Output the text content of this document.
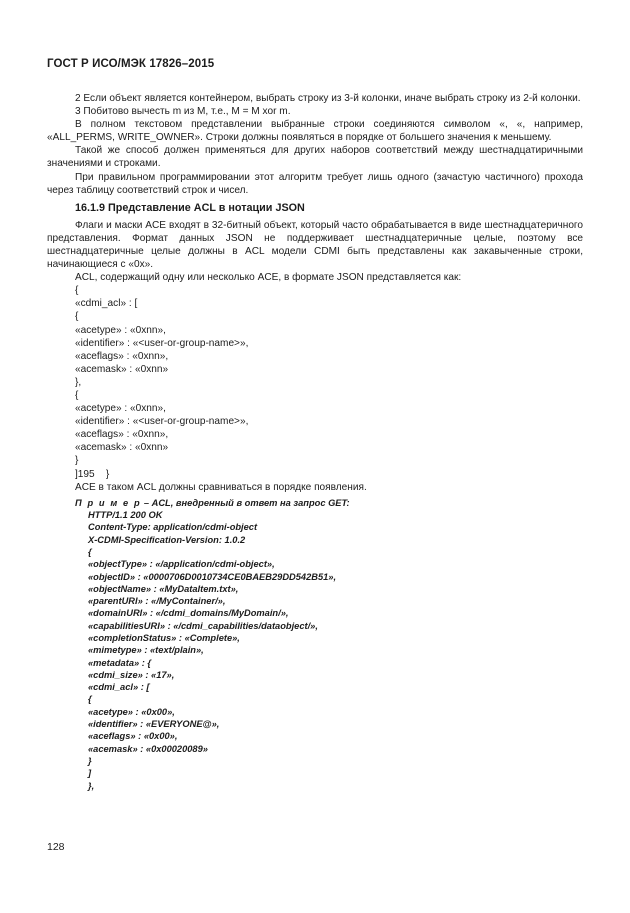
ГОСТ Р ИСО/МЭК 17826–2015

2 Если объект является контейнером, выбрать строку из 3-й колонки, иначе выбрать строку из 2-й колонки.

3 Побитово вычесть m из M, т.е., M = M xor m.

В полном текстовом представлении выбранные строки соединяются символом «, «, например, «ALL_PERMS, WRITE_OWNER». Строки должны появляться в порядке от большего значения к меньшему.

Такой же способ должен применяться для других наборов соответствий между шестнадцатиричными значениями и строками.

При правильном программировании этот алгоритм требует лишь одного (зачастую частичного) прохода через таблицу соответствий строк и чисел.

16.1.9 Представление ACL в нотации JSON

Флаги и маски ACE входят в 32-битный объект, который часто обрабатывается в виде шестнадцатеричного представления. Формат данных JSON не поддерживает шестнадцатеричные целые, поэтому все шестнадцатеричные целые должны в ACL модели CDMI быть представлены как закавыченные строки, начинающиеся с «0x».

ACL, содержащий одну или несколько ACE, в формате JSON представляется как:

{
«cdmi_acl» : [
{
«acetype» : «0xnn»,
«identifier» : «<user-or-group-name>»,
«aceflags» : «0xnn»,
«acemask» : «0xnn»
},
{
«acetype» : «0xnn»,
«identifier» : «<user-or-group-name>»,
«aceflags» : «0xnn»,
«acemask» : «0xnn»
}
]195    }

ACE в таком ACL должны сравниваться в порядке появления.

П р и м е р – ACL, внедренный в ответ на запрос GET:
HTTP/1.1 200 OK
Content-Type: application/cdmi-object
X-CDMI-Specification-Version: 1.0.2
{
«objectType» : «/application/cdmi-object»,
«objectID» : «0000706D0010734CE0BAEB29DD542B51»,
«objectName» : «MyDataItem.txt»,
«parentURI» : «/MyContainer/»,
«domainURI» : «/cdmi_domains/MyDomain/»,
«capabilitiesURI» : «/cdmi_capabilities/dataobject/»,
«completionStatus» : «Complete»,
«mimetype» : «text/plain»,
«metadata» : {
«cdmi_size» : «17»,
«cdmi_acl» : [
{
«acetype» : «0x00»,
«identifier» : «EVERYONE@»,
«aceflags» : «0x00»,
«acemask» : «0x00020089»
}
]
},
128
